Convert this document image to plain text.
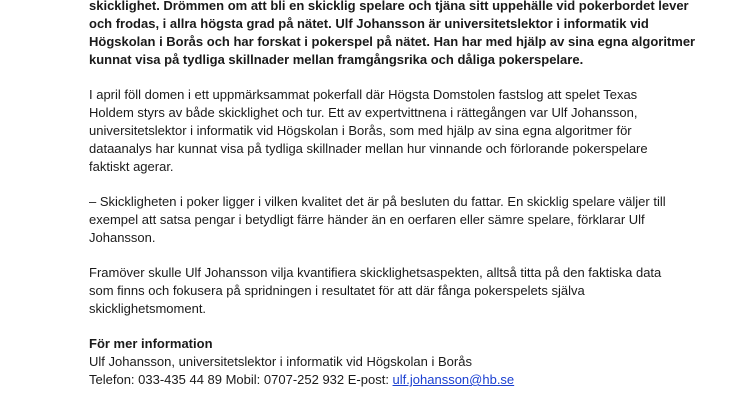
skicklighet. Drömmen om att bli en skicklig spelare och tjäna sitt uppehälle vid pokerbordet lever
och frodas, i allra högsta grad på nätet. Ulf Johansson är universitetslektor i informatik vid
Högskolan i Borås och har forskat i pokerspel på nätet. Han har med hjälp av sina egna algoritmer
kunnat visa på tydliga skillnader mellan framgångsrika och dåliga pokerspelare.
I april föll domen i ett uppmärksammat pokerfall där Högsta Domstolen fastslog att spelet Texas
Holdem styrs av både skicklighet och tur. Ett av expertvittnena i rättegången var Ulf Johansson,
universitetslektor i informatik vid Högskolan i Borås, som med hjälp av sina egna algoritmer för
dataanalys har kunnat visa på tydliga skillnader mellan hur vinnande och förlorande pokerspelare
faktiskt agerar.
– Skickligheten i poker ligger i vilken kvalitet det är på besluten du fattar. En skicklig spelare väljer till
exempel att satsa pengar i betydligt färre händer än en oerfaren eller sämre spelare, förklarar Ulf
Johansson.
Framöver skulle Ulf Johansson vilja kvantifiera skicklighetsaspekten, alltså titta på den faktiska data
som finns och fokusera på spridningen i resultatet för att där fånga pokerspelets själva
skicklighetsmoment.
För mer information
Ulf Johansson, universitetslektor i informatik vid Högskolan i Borås
Telefon: 033-435 44 89 Mobil: 0707-252 932 E-post: ulf.johansson@hb.se
